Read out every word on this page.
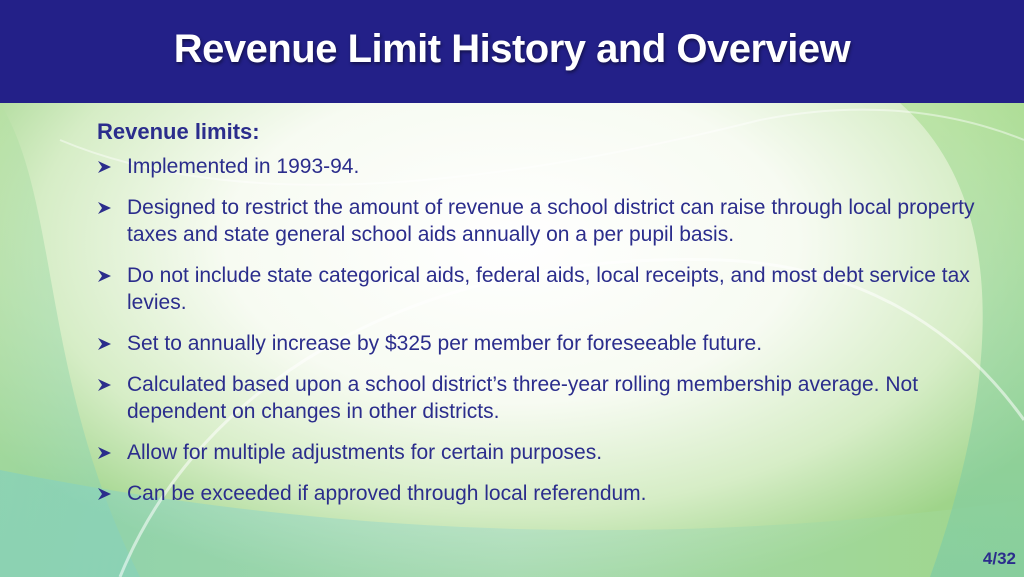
Revenue Limit History and Overview
Revenue limits:
Implemented in 1993-94.
Designed to restrict the amount of revenue a school district can raise through local property taxes and state general school aids annually on a per pupil basis.
Do not include state categorical aids, federal aids, local receipts, and most debt service tax levies.
Set to annually increase by $325 per member for foreseeable future.
Calculated based upon a school district’s three-year rolling membership average. Not dependent on changes in other districts.
Allow for multiple adjustments for certain purposes.
Can be exceeded if approved through local referendum.
4/32
